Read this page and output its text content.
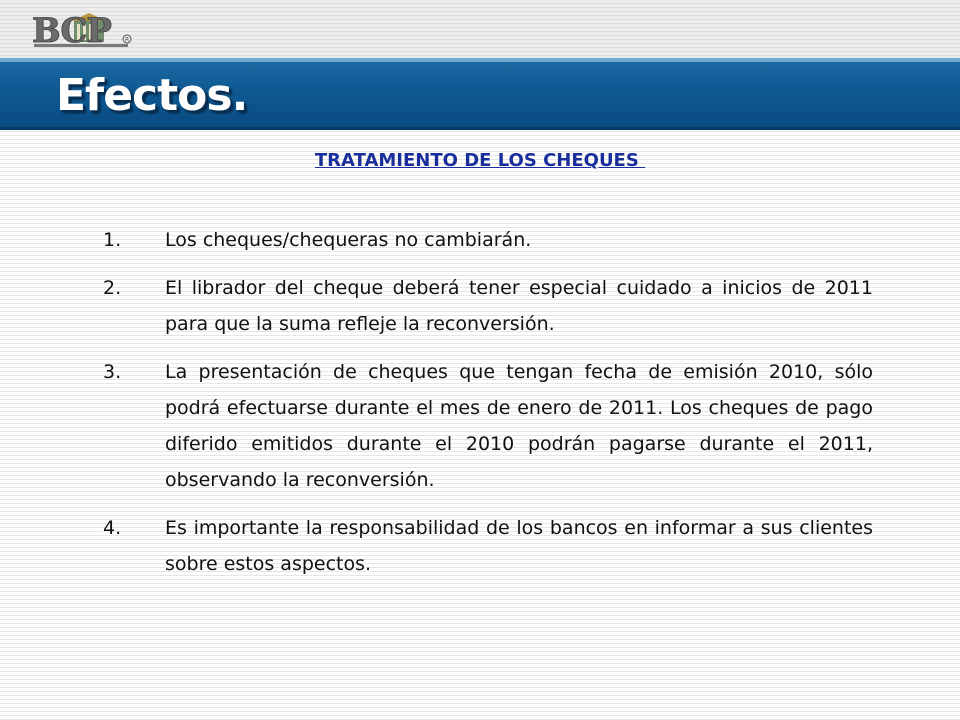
BCP R
Efectos.
TRATAMIENTO DE LOS CHEQUES
1. Los cheques/chequeras no cambiarán.
2. El librador del cheque deberá tener especial cuidado a inicios de 2011 para que la suma refleje la reconversión.
3. La presentación de cheques que tengan fecha de emisión 2010, sólo podrá efectuarse durante el mes de enero de 2011. Los cheques de pago diferido emitidos durante el 2010 podrán pagarse durante el 2011, observando la reconversión.
4. Es importante la responsabilidad de los bancos en informar a sus clientes sobre estos aspectos.
